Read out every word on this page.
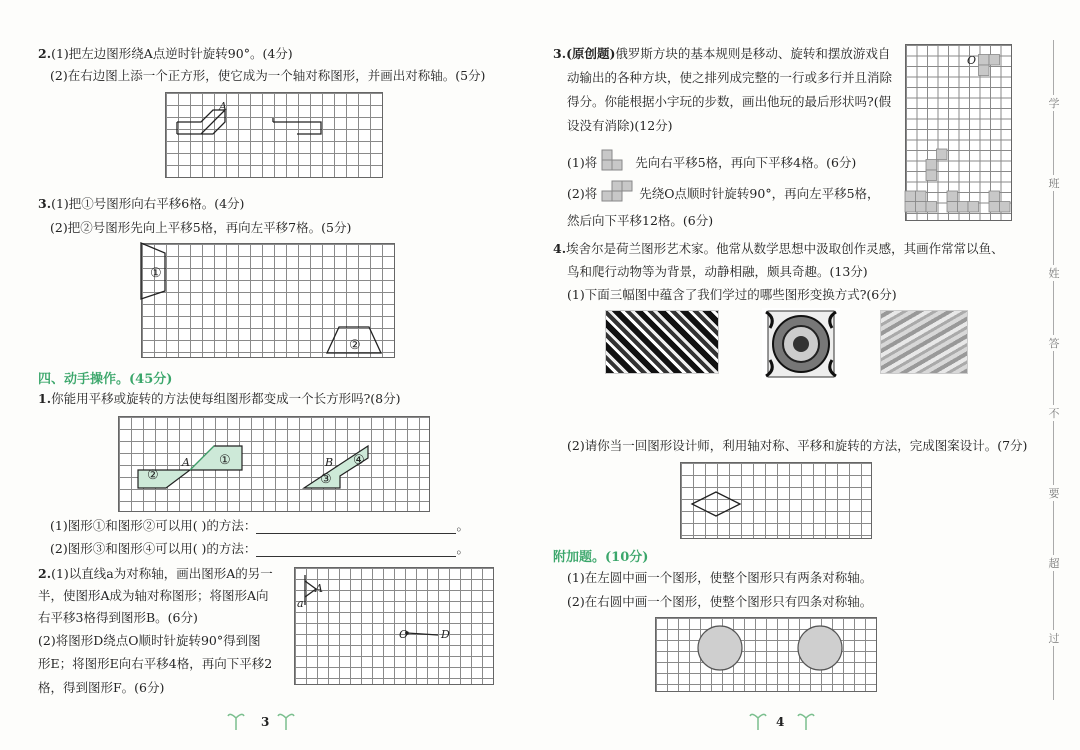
2.(1)把左边图形绕A点逆时针旋转90°。(4分)
(2)在右边图上添一个正方形，使它成为一个轴对称图形，并画出对称轴。(5分)
A
3.(1)把①号图形向右平移6格。(4分)
(2)把②号图形先向上平移5格，再向左平移7格。(5分)
①
②
四、动手操作。(45分)
1.你能用平移或旋转的方法使每组图形都变成一个长方形吗?(8分)
A ①
②
B ④
③
(1)图形①和图形②可以用( )的方法：	。
(2)图形③和图形④可以用( )的方法：	。
2.(1)以直线a为对称轴，画出图形A的另一
半，使图形A成为轴对称图形；将图形A向
右平移3格得到图形B。(6分)
(2)将图形D绕点O顺时针旋转90°得到图
形E；将图形E向右平移4格，再向下平移2
格，得到图形F。(6分)
a
A
O	D
3
3.(原创题)俄罗斯方块的基本规则是移动、旋转和摆放游戏自
动输出的各种方块，使之排列成完整的一行或多行并且消除
得分。你能根据小宇玩的步数，画出他玩的最后形状吗?(假
设没有消除)(12分)
(1)将	先向右平移5格，再向下平移4格。(6分)
(2)将	先绕O点顺时针旋转90°，再向左平移5格，
然后向下平移12格。(6分)
O
4.埃舍尔是荷兰图形艺术家。他常从数学思想中汲取创作灵感，其画作常常以鱼、
鸟和爬行动物等为背景，动静相融，颇具奇趣。(13分)
(1)下面三幅图中蕴含了我们学过的哪些图形变换方式?(6分)
(2)请你当一回图形设计师，利用轴对称、平移和旋转的方法，完成图案设计。(7分)
附加题。(10分)
(1)在左圆中画一个图形，使整个图形只有两条对称轴。
(2)在右圆中画一个图形，使整个图形只有四条对称轴。
4
学
班
姓
答
不
要
超
过
